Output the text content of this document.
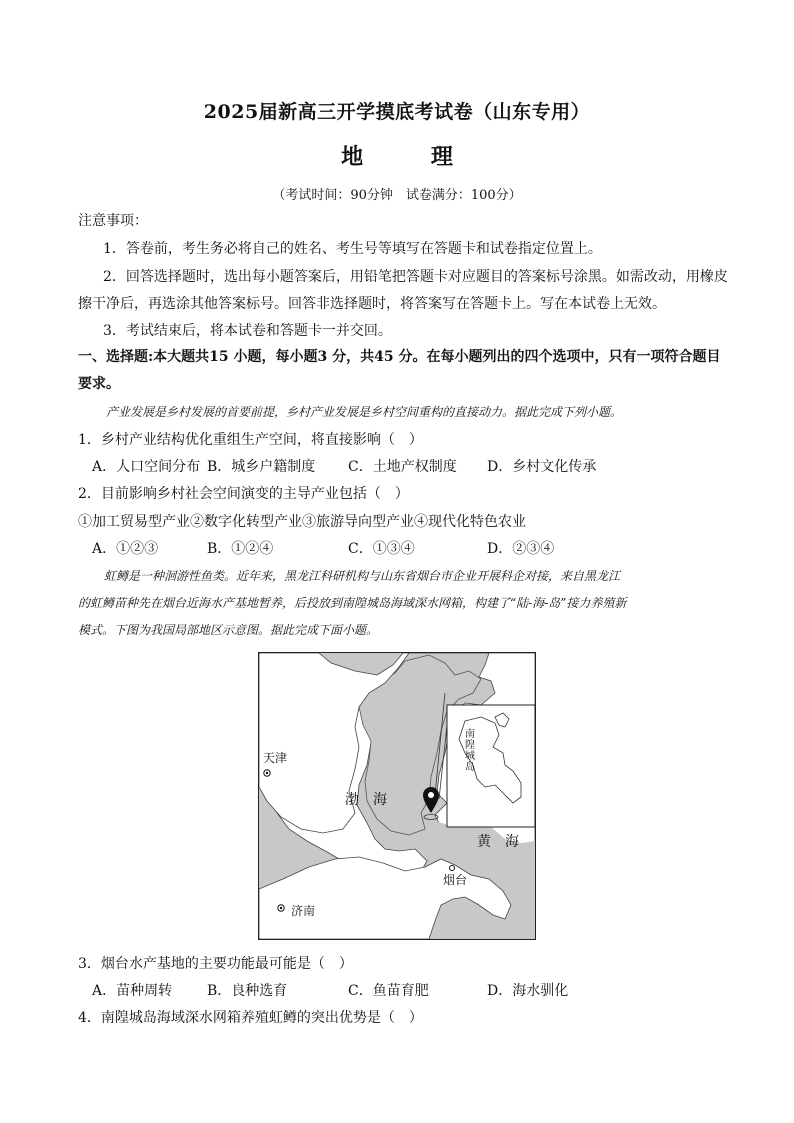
2025届新高三开学摸底考试卷（山东专用）
地 理
（考试时间：90分钟　试卷满分：100分）
注意事项：
1．答卷前，考生务必将自己的姓名、考生号等填写在答题卡和试卷指定位置上。
2．回答选择题时，选出每小题答案后，用铅笔把答题卡对应题目的答案标号涂黑。如需改动，用橡皮
擦干净后，再选涂其他答案标号。回答非选择题时，将答案写在答题卡上。写在本试卷上无效。
3．考试结束后，将本试卷和答题卡一并交回。
一、选择题:本大题共15 小题，每小题3 分，共45 分。在每小题列出的四个选项中，只有一项符合题目
要求。
产业发展是乡村发展的首要前提，乡村产业发展是乡村空间重构的直接动力。据此完成下列小题。
1．乡村产业结构优化重组生产空间，将直接影响（　）
A．人口空间分布 B．城乡户籍制度 C．土地产权制度 D．乡村文化传承
2．目前影响乡村社会空间演变的主导产业包括（　）
①加工贸易型产业②数字化转型产业③旅游导向型产业④现代化特色农业
A．①②③	B．①②④	C．①③④	D．②③④
虹鳟是一种洄游性鱼类。近年来，黑龙江科研机构与山东省烟台市企业开展科企对接，来自黑龙江
的虹鳟苗种先在烟台近海水产基地暂养，后投放到南隍城岛海域深水网箱，构建了“陆-海-岛”接力养殖新
模式。下图为我国局部地区示意图。据此完成下面小题。
天津
渤　海
黄　海
烟台
济南
南隍城岛
3．烟台水产基地的主要功能最可能是（　）
A．苗种周转 B．良种选育	C．鱼苗育肥	D．海水驯化
4．南隍城岛海域深水网箱养殖虹鳟的突出优势是（　）
